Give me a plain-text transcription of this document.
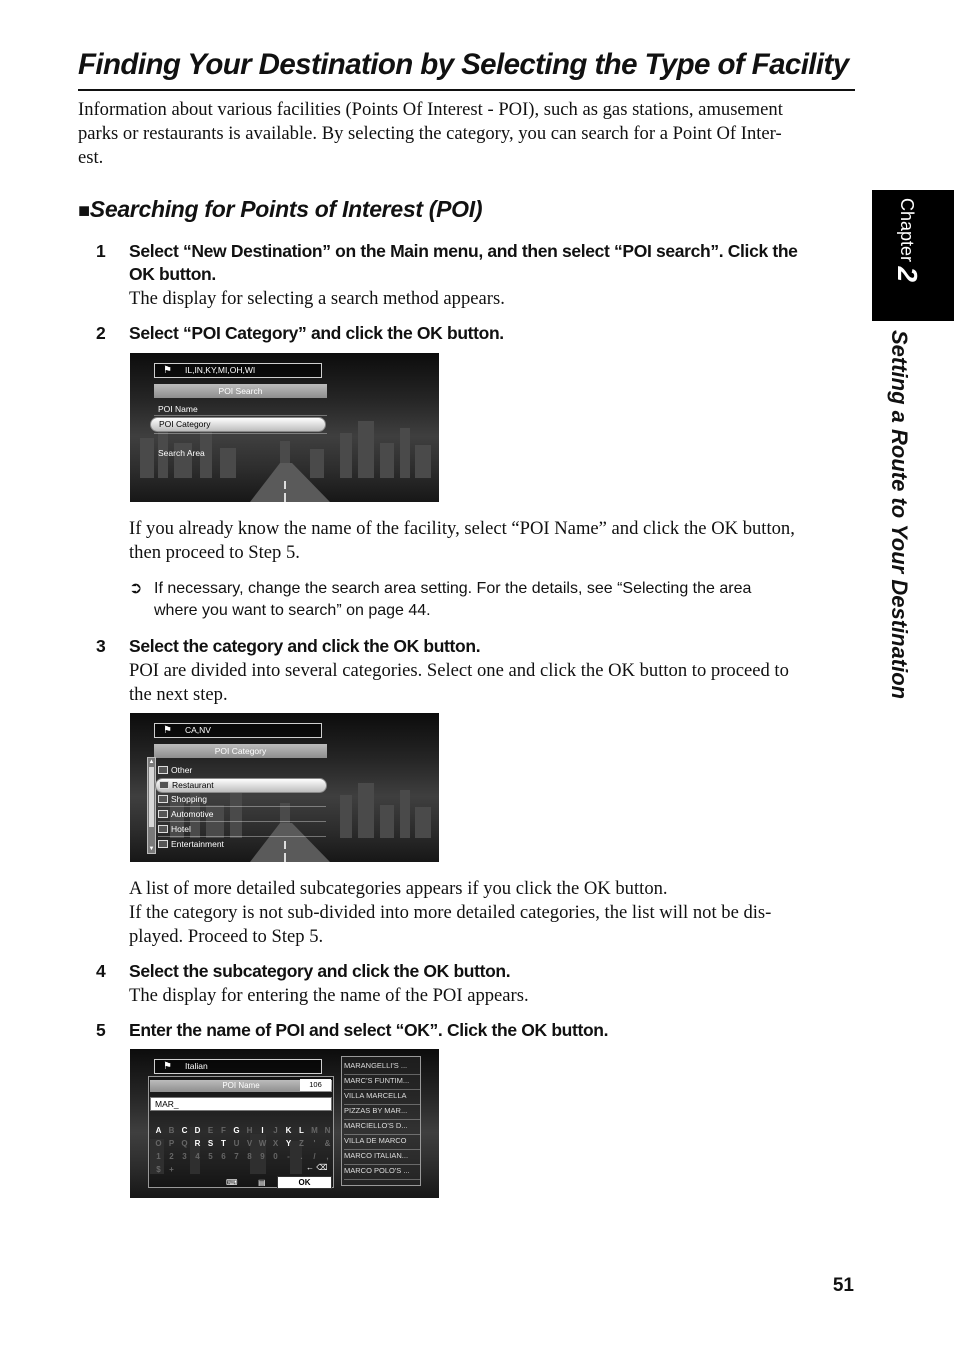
Finding Your Destination by Selecting the Type of Facility
Information about various facilities (Points Of Interest - POI), such as gas stations, amusement
parks or restaurants is available. By selecting the category, you can search for a Point Of Inter-
est.
■Searching for Points of Interest (POI)
1 Select “New Destination” on the Main menu, and then select “POI search”. Click the
OK button.
The display for selecting a search method appears.
2 Select “POI Category” and click the OK button.
⚑ IL,IN,KY,MI,OH,WI
POI Search
POI Name
POI Category
Search Area
If you already know the name of the facility, select “POI Name” and click the OK button,
then proceed to Step 5.
➲ If necessary, change the search area setting. For the details, see “Selecting the area
where you want to search” on page 44.
3 Select the category and click the OK button.
POI are divided into several categories. Select one and click the OK button to proceed to
the next step.
⚑ CA,NV
POI Category
▲
▼
Other
Restaurant
Shopping
Automotive
Hotel
Entertainment
A list of more detailed subcategories appears if you click the OK button.
If the category is not sub-divided into more detailed categories, the list will not be dis-
played. Proceed to Step 5.
4 Select the subcategory and click the OK button.
The display for entering the name of the POI appears.
5 Enter the name of POI and select “OK”. Click the OK button.
⚑ Italian
POI Name	106
MAR_
A B C D E F G H	I	J K L M N
O P Q R S T U V W X Y Z	'	&
1	2	3	4	5	6	7	8	9	0	-	.	/	,
$	+	← ⌫
⌨	▤	OK
MARANGELLI'S ...
MARC'S FUNTIM...
VILLA MARCELLA
PIZZAS BY MAR...
MARCIELLO'S D...
VILLA DE MARCO
MARCO ITALIAN...
MARCO POLO'S ...
Chapter 2
Setting a Route to Your Destination
51
